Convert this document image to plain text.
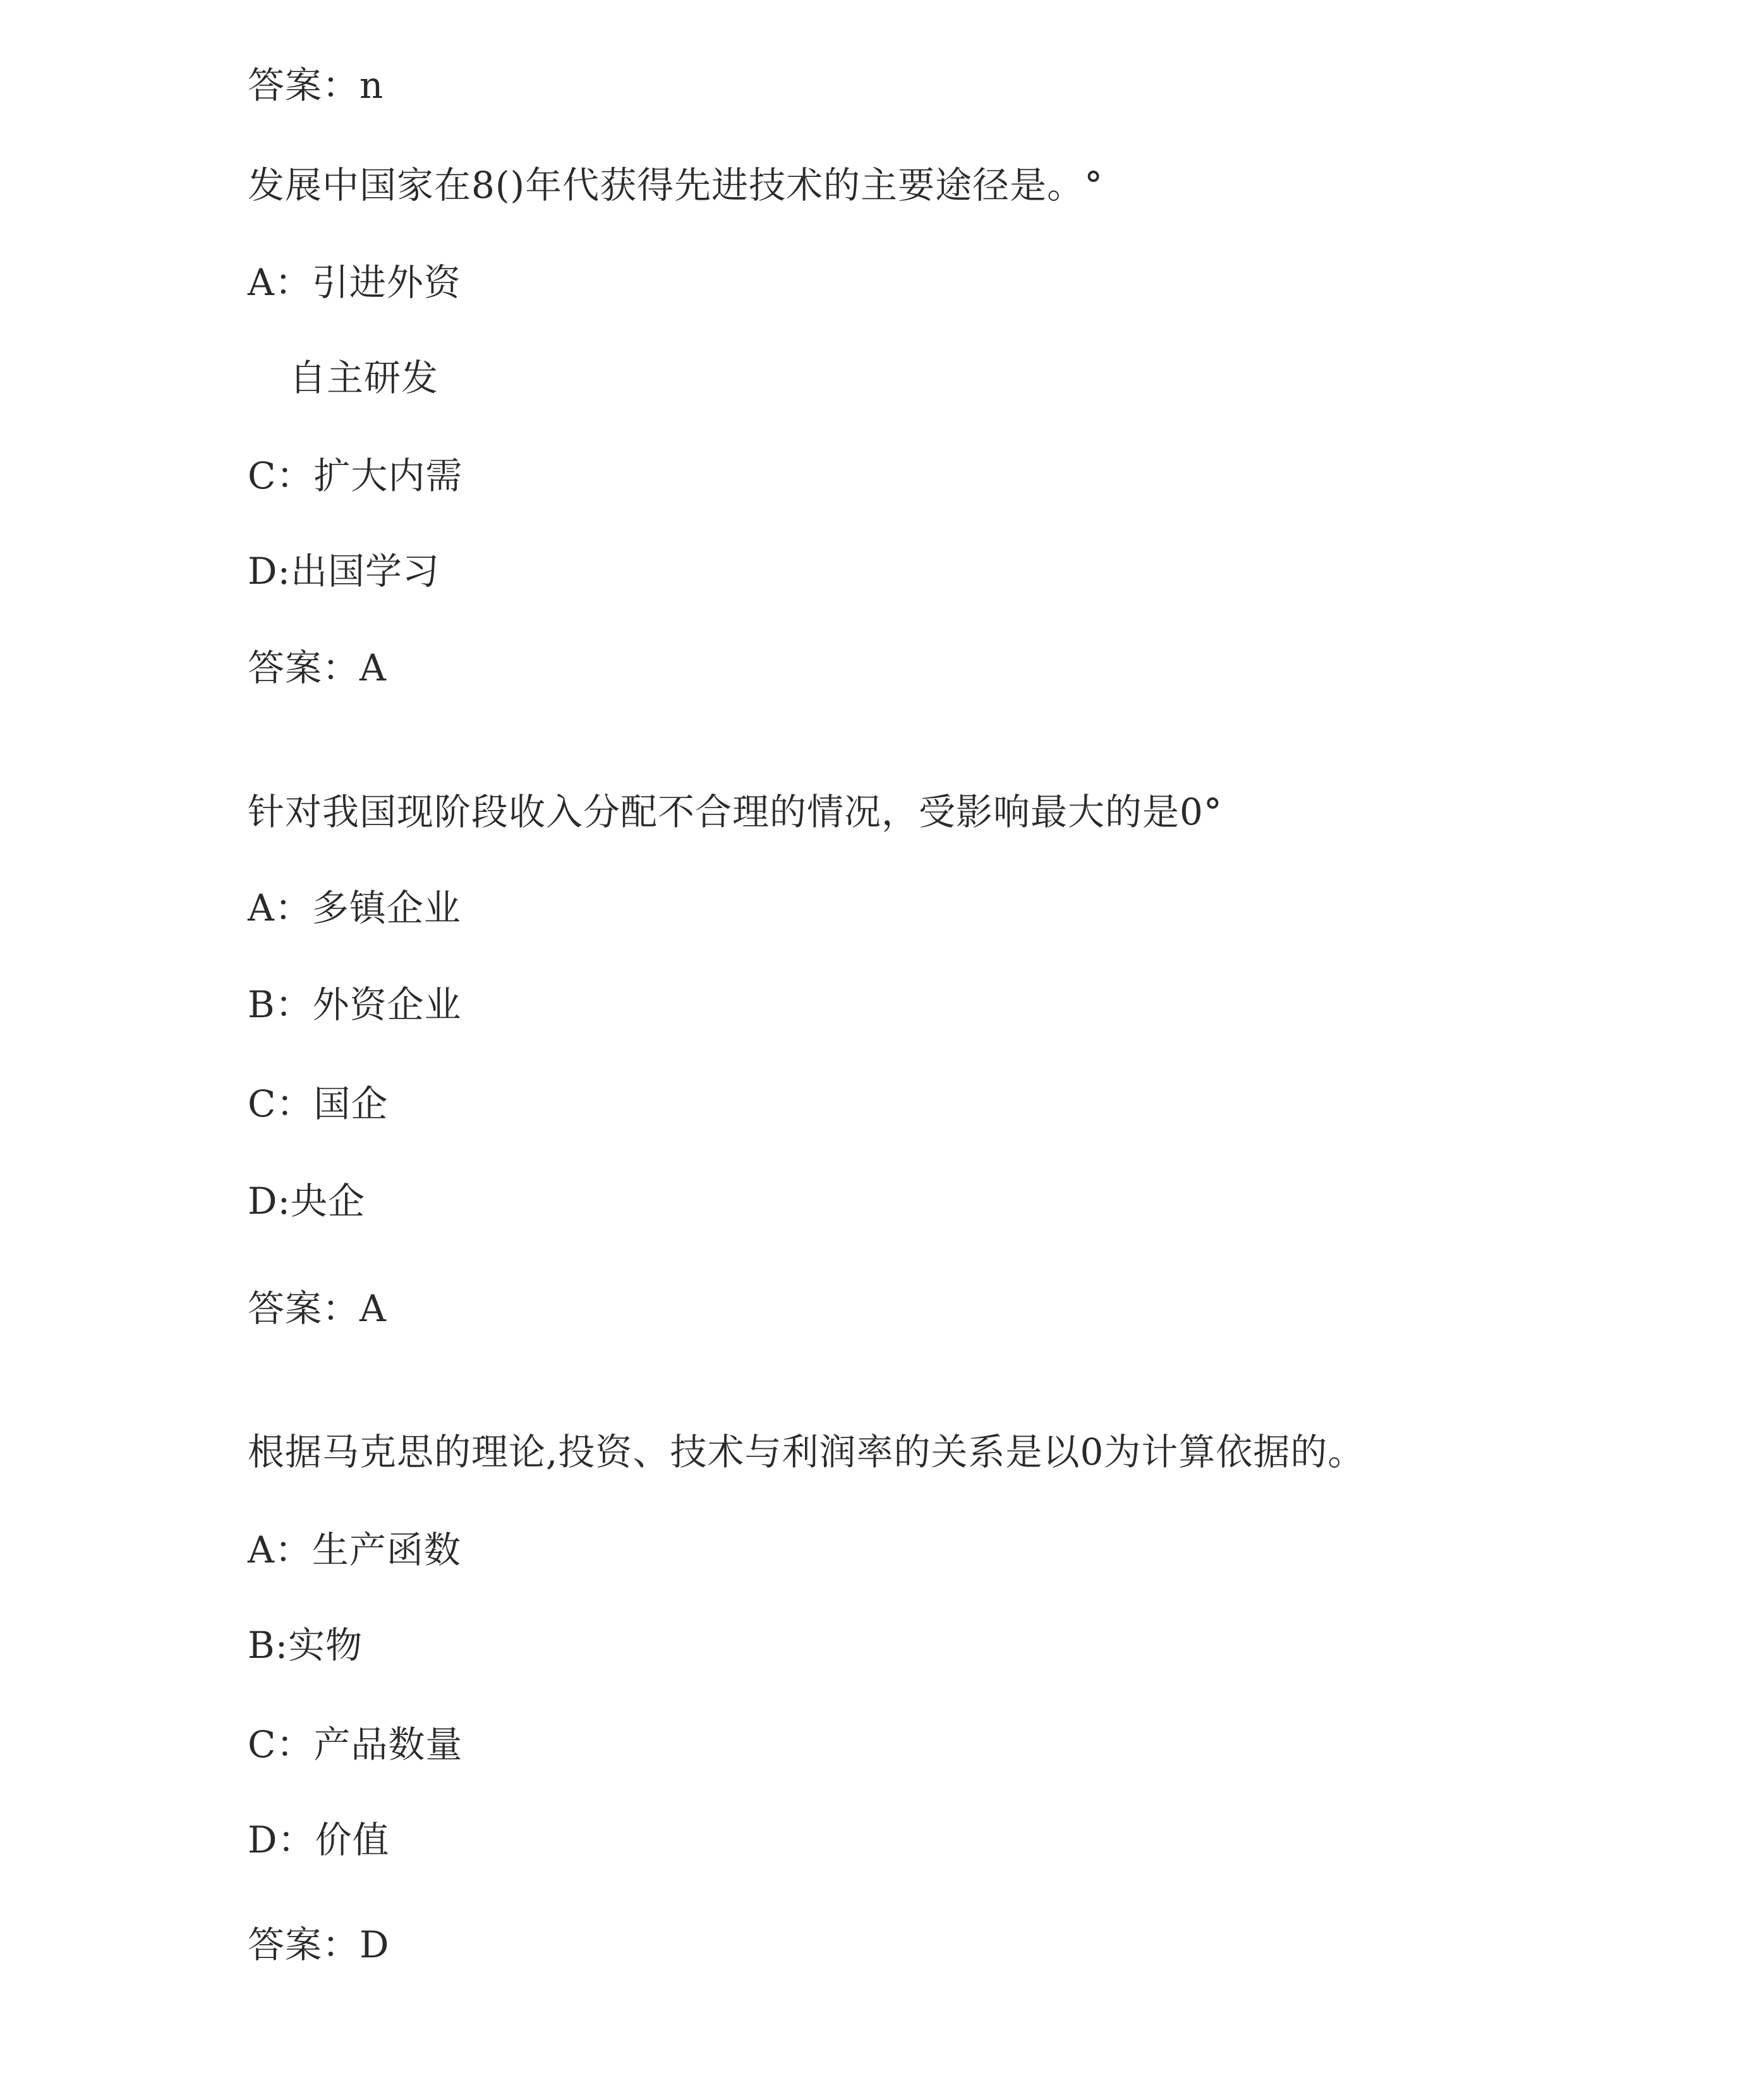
答案：n
发展中国家在8()年代获得先进技术的主要途径是。°
A：引进外资
自主研发
C：扩大内需
D:出国学习
答案：A
针对我国现阶段收入分配不合理的情况，受影响最大的是0°
A：多镇企业
B：外资企业
C：国企
D:央企
答案：A
根据马克思的理论,投资、技术与利润率的关系是以0为计算依据的。
A：生产函数
B:实物
C：产品数量
D：价值
答案：D
